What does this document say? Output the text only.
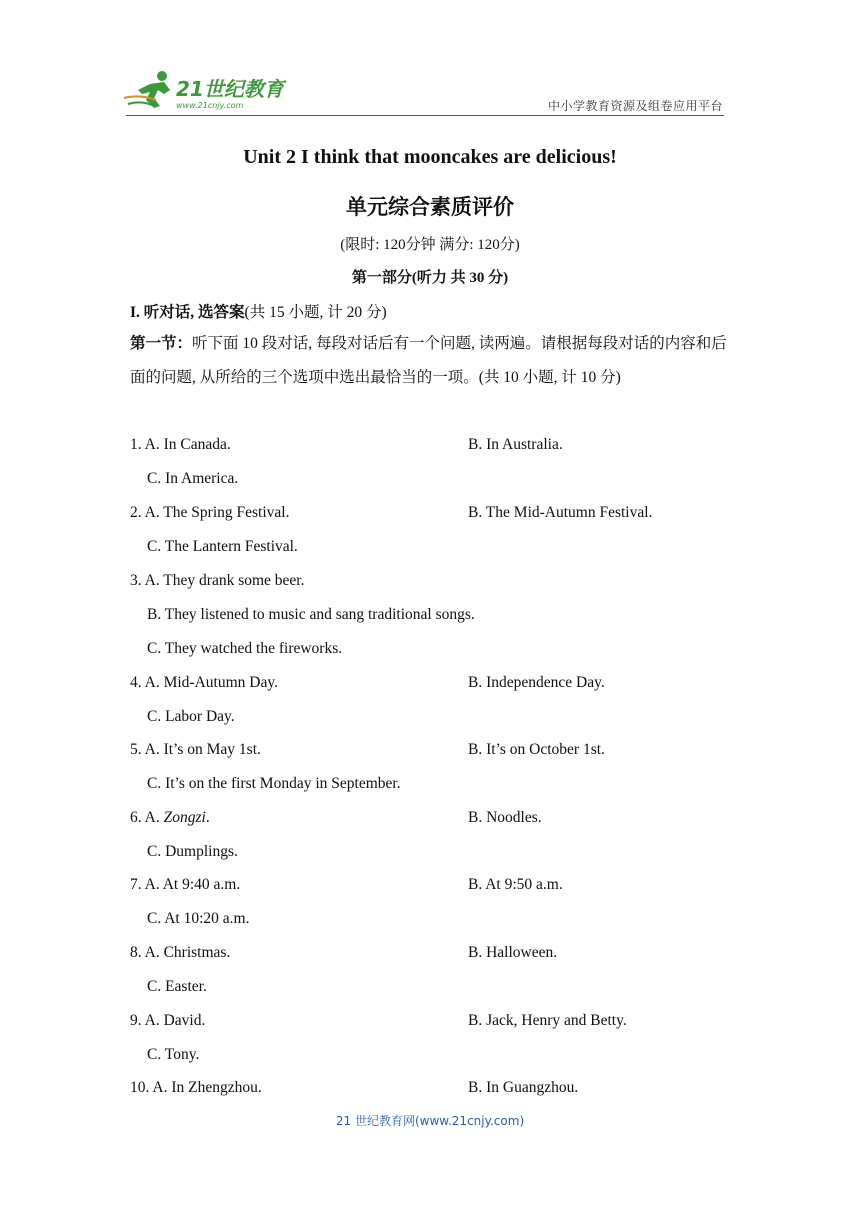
21世纪教育
www.21cnjy.com	中小学教育资源及组卷应用平台
Unit 2 I think that mooncakes are delicious!
单元综合素质评价
(限时: 120分钟 满分: 120分)
第一部分(听力 共 30 分)
I. 听对话, 选答案(共 15 小题, 计 20 分)
第一节：听下面 10 段对话, 每段对话后有一个问题, 读两遍。请根据每段对话的内容和后面的问题, 从所给的三个选项中选出最恰当的一项。(共 10 小题, 计 10 分)
1. A. In Canada.	B. In Australia.
C. In America.
2. A. The Spring Festival.	B. The Mid-Autumn Festival.
C. The Lantern Festival.
3. A. They drank some beer.
B. They listened to music and sang traditional songs.
C. They watched the fireworks.
4. A. Mid-Autumn Day.	B. Independence Day.
C. Labor Day.
5. A. It’s on May 1st.	B. It’s on October 1st.
C. It’s on the first Monday in September.
6. A. Zongzi.	B. Noodles.
C. Dumplings.
7. A. At 9:40 a.m.	B. At 9:50 a.m.
C. At 10:20 a.m.
8. A. Christmas.	B. Halloween.
C. Easter.
9. A. David.	B. Jack, Henry and Betty.
C. Tony.
10. A. In Zhengzhou.	B. In Guangzhou.
21 世纪教育网(www.21cnjy.com)
